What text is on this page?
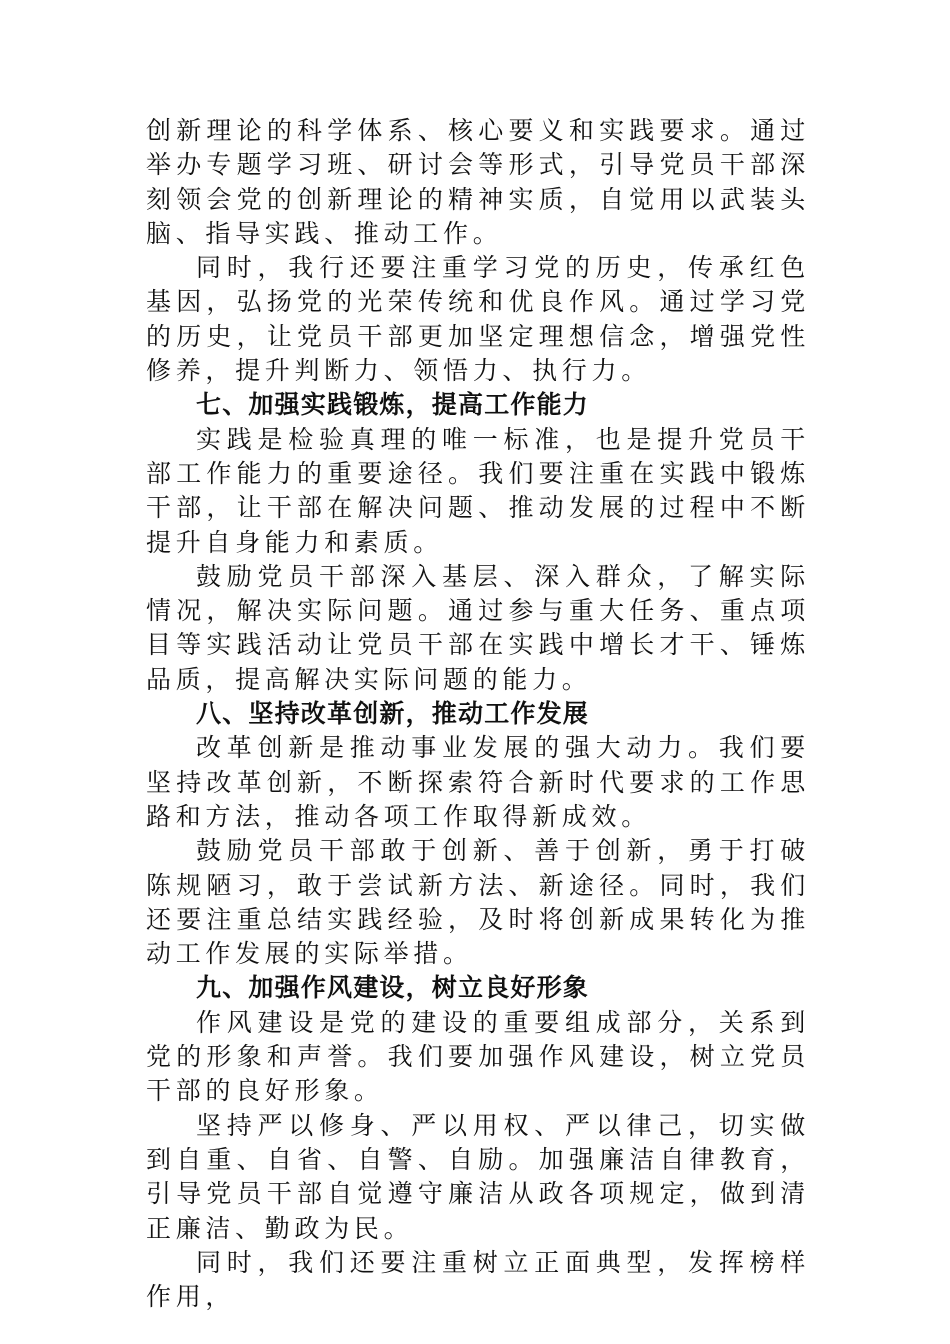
创新理论的科学体系、核心要义和实践要求。通过举办专题学习班、研讨会等形式，引导党员干部深刻领会党的创新理论的精神实质，自觉用以武装头脑、指导实践、推动工作。

同时，我行还要注重学习党的历史，传承红色基因，弘扬党的光荣传统和优良作风。通过学习党的历史，让党员干部更加坚定理想信念，增强党性修养，提升判断力、领悟力、执行力。

七、加强实践锻炼，提高工作能力

实践是检验真理的唯一标准，也是提升党员干部工作能力的重要途径。我们要注重在实践中锻炼干部，让干部在解决问题、推动发展的过程中不断提升自身能力和素质。

鼓励党员干部深入基层、深入群众，了解实际情况，解决实际问题。通过参与重大任务、重点项目等实践活动让党员干部在实践中增长才干、锤炼品质，提高解决实际问题的能力。

八、坚持改革创新，推动工作发展

改革创新是推动事业发展的强大动力。我们要坚持改革创新，不断探索符合新时代要求的工作思路和方法，推动各项工作取得新成效。

鼓励党员干部敢于创新、善于创新，勇于打破陈规陋习，敢于尝试新方法、新途径。同时，我们还要注重总结实践经验，及时将创新成果转化为推动工作发展的实际举措。

九、加强作风建设，树立良好形象

作风建设是党的建设的重要组成部分，关系到党的形象和声誉。我们要加强作风建设，树立党员干部的良好形象。

坚持严以修身、严以用权、严以律己，切实做到自重、自省、自警、自励。加强廉洁自律教育，引导党员干部自觉遵守廉洁从政各项规定，做到清正廉洁、勤政为民。

同时，我们还要注重树立正面典型，发挥榜样作用，
